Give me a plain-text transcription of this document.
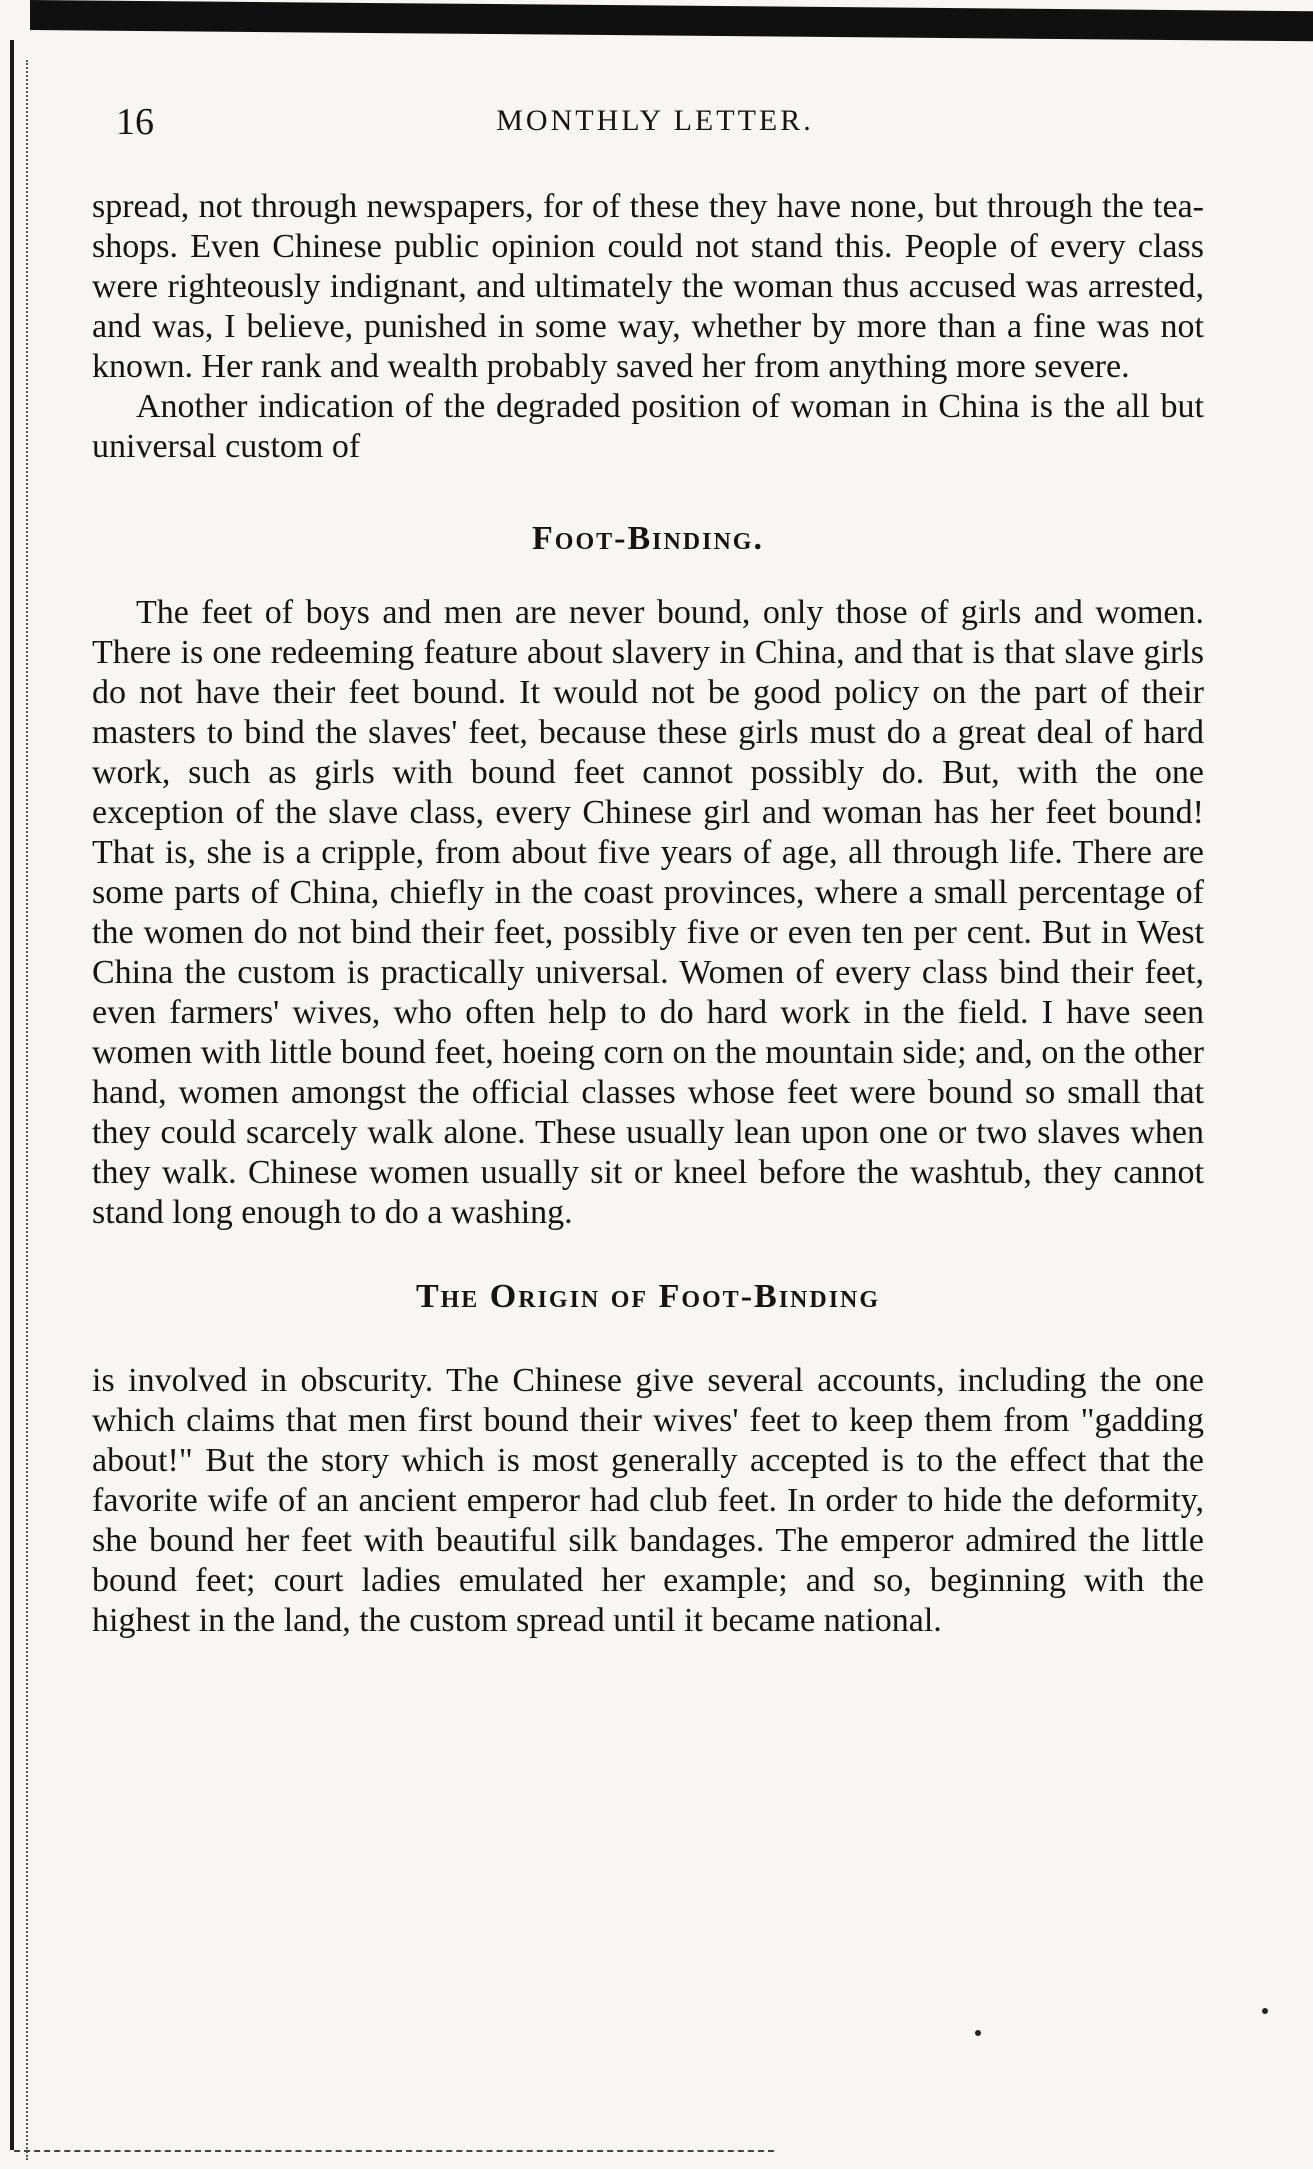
16	MONTHLY LETTER.

spread, not through newspapers, for of these they have none, but through the tea-shops. Even Chinese public opinion could not stand this. People of every class were righteously indignant, and ultimately the woman thus accused was arrested, and was, I believe, punished in some way, whether by more than a fine was not known. Her rank and wealth probably saved her from anything more severe.

Another indication of the degraded position of woman in China is the all but universal custom of

Foot-Binding.

The feet of boys and men are never bound, only those of girls and women. There is one redeeming feature about slavery in China, and that is that slave girls do not have their feet bound. It would not be good policy on the part of their masters to bind the slaves' feet, because these girls must do a great deal of hard work, such as girls with bound feet cannot possibly do. But, with the one exception of the slave class, every Chinese girl and woman has her feet bound! That is, she is a cripple, from about five years of age, all through life. There are some parts of China, chiefly in the coast provinces, where a small percentage of the women do not bind their feet, possibly five or even ten per cent. But in West China the custom is practically universal. Women of every class bind their feet, even farmers' wives, who often help to do hard work in the field. I have seen women with little bound feet, hoeing corn on the mountain side; and, on the other hand, women amongst the official classes whose feet were bound so small that they could scarcely walk alone. These usually lean upon one or two slaves when they walk. Chinese women usually sit or kneel before the washtub, they cannot stand long enough to do a washing.

The Origin of Foot-Binding

is involved in obscurity. The Chinese give several accounts, including the one which claims that men first bound their wives' feet to keep them from "gadding about!" But the story which is most generally accepted is to the effect that the favorite wife of an ancient emperor had club feet. In order to hide the deformity, she bound her feet with beautiful silk bandages. The emperor admired the little bound feet; court ladies emulated her example; and so, beginning with the highest in the land, the custom spread until it became national.
